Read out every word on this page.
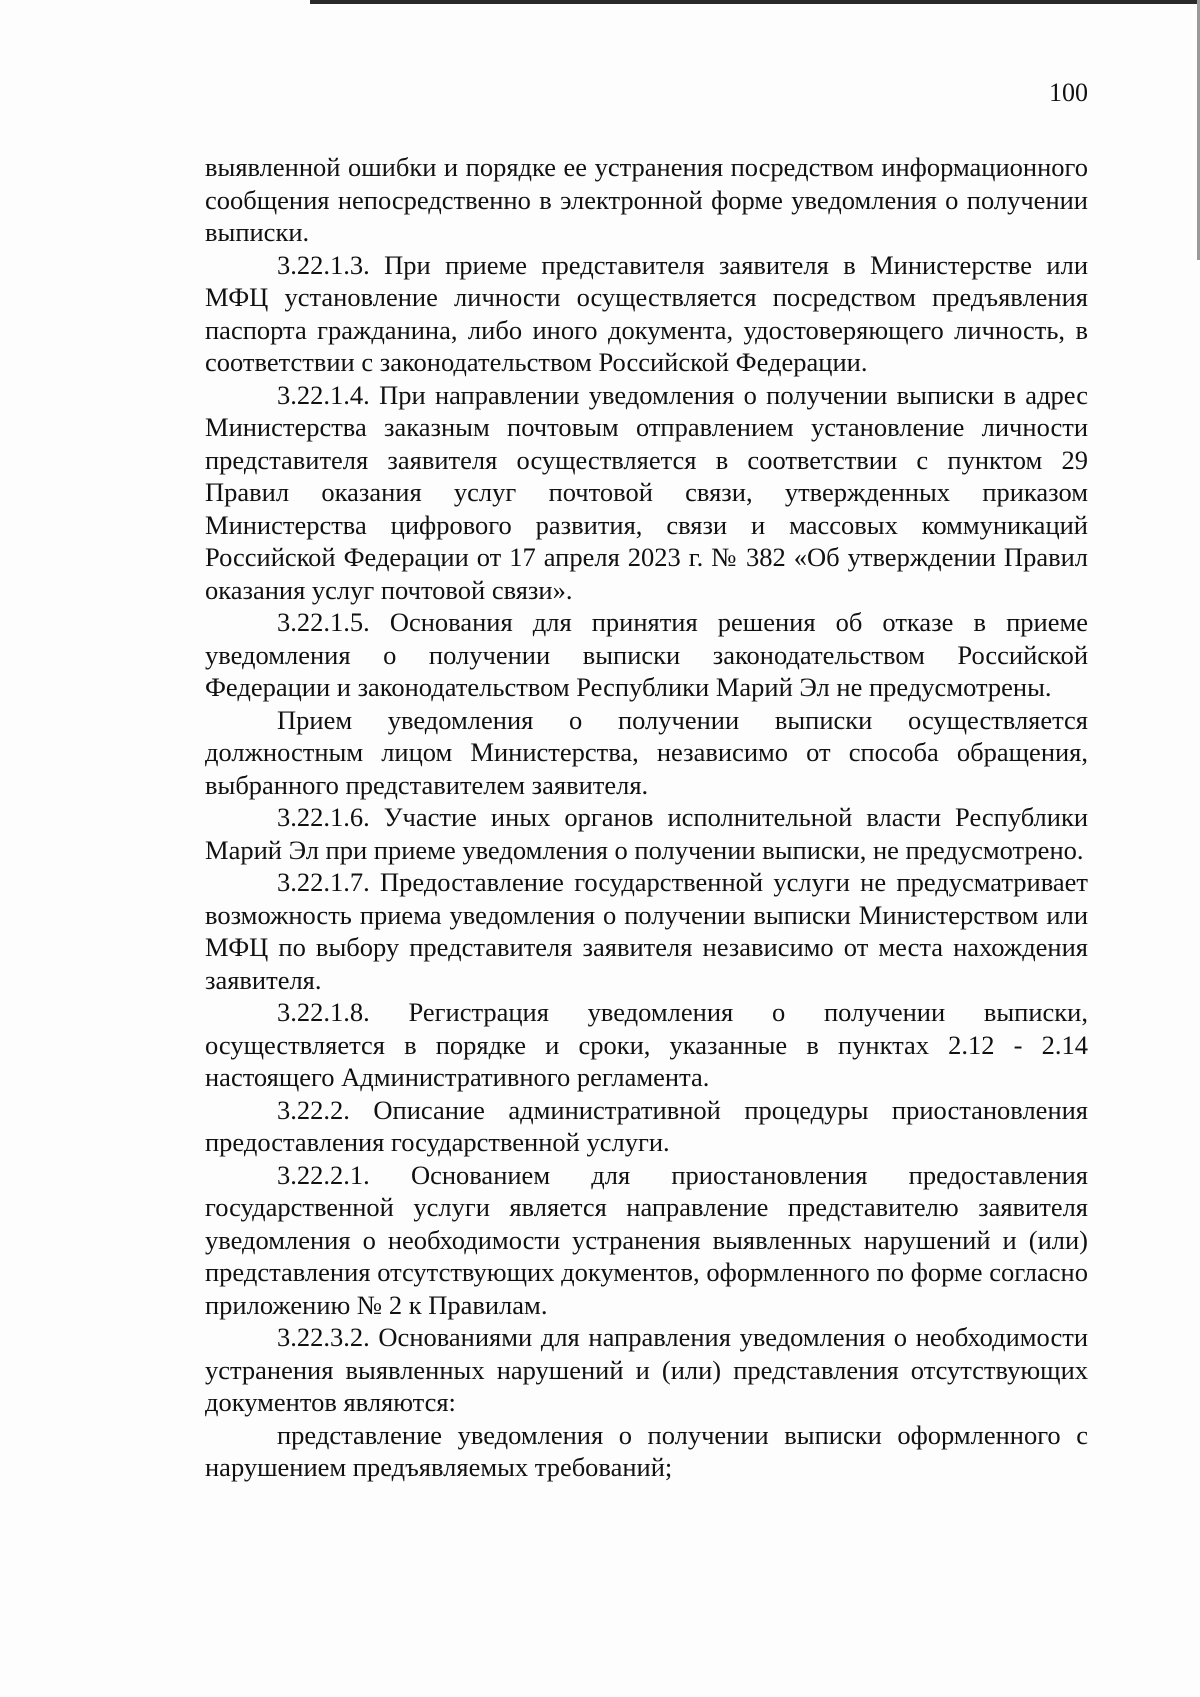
100

выявленной ошибки и порядке ее устранения посредством информационного сообщения непосредственно в электронной форме уведомления о получении выписки.

3.22.1.3. При приеме представителя заявителя в Министерстве или МФЦ установление личности осуществляется посредством предъявления паспорта гражданина, либо иного документа, удостоверяющего личность, в соответствии с законодательством Российской Федерации.

3.22.1.4. При направлении уведомления о получении выписки в адрес Министерства заказным почтовым отправлением установление личности представителя заявителя осуществляется в соответствии с пунктом 29 Правил оказания услуг почтовой связи, утвержденных приказом Министерства цифрового развития, связи и массовых коммуникаций Российской Федерации от 17 апреля 2023 г. № 382 «Об утверждении Правил оказания услуг почтовой связи».

3.22.1.5. Основания для принятия решения об отказе в приеме уведомления о получении выписки законодательством Российской Федерации и законодательством Республики Марий Эл не предусмотрены.

Прием уведомления о получении выписки осуществляется должностным лицом Министерства, независимо от способа обращения, выбранного представителем заявителя.

3.22.1.6. Участие иных органов исполнительной власти Республики Марий Эл при приеме уведомления о получении выписки, не предусмотрено.

3.22.1.7. Предоставление государственной услуги не предусматривает возможность приема уведомления о получении выписки Министерством или МФЦ по выбору представителя заявителя независимо от места нахождения заявителя.

3.22.1.8. Регистрация уведомления о получении выписки, осуществляется в порядке и сроки, указанные в пунктах 2.12 - 2.14 настоящего Административного регламента.

3.22.2. Описание административной процедуры приостановления предоставления государственной услуги.

3.22.2.1. Основанием для приостановления предоставления государственной услуги является направление представителю заявителя уведомления о необходимости устранения выявленных нарушений и (или) представления отсутствующих документов, оформленного по форме согласно приложению № 2 к Правилам.

3.22.3.2. Основаниями для направления уведомления о необходимости устранения выявленных нарушений и (или) представления отсутствующих документов являются:

представление уведомления о получении выписки оформленного с нарушением предъявляемых требований;
